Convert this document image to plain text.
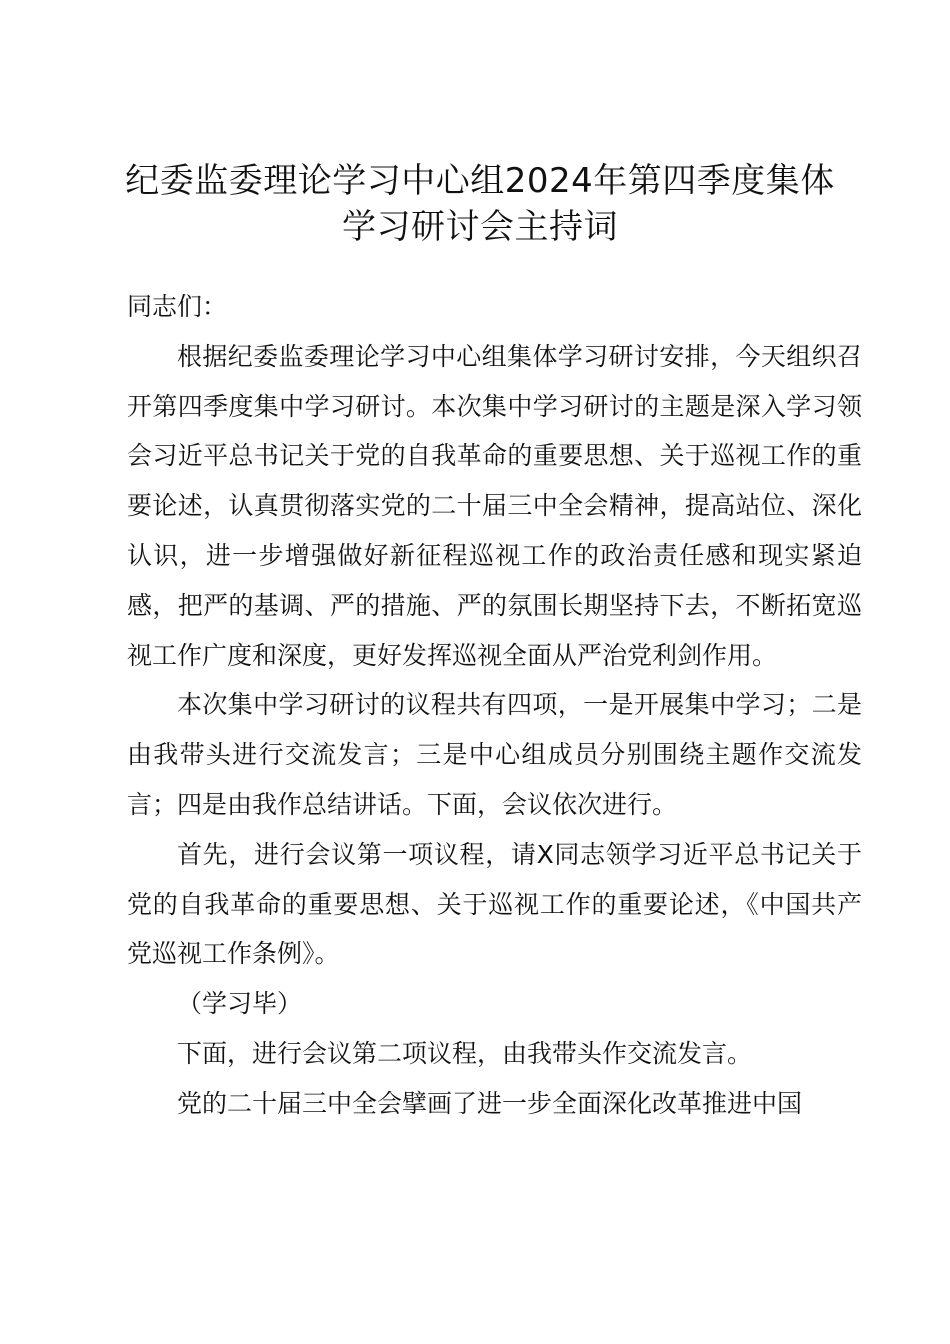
纪委监委理论学习中心组2024年第四季度集体学习研讨会主持词

同志们：

根据纪委监委理论学习中心组集体学习研讨安排，今天组织召开第四季度集中学习研讨。本次集中学习研讨的主题是深入学习领会习近平总书记关于党的自我革命的重要思想、关于巡视工作的重要论述，认真贯彻落实党的二十届三中全会精神，提高站位、深化认识，进一步增强做好新征程巡视工作的政治责任感和现实紧迫感，把严的基调、严的措施、严的氛围长期坚持下去，不断拓宽巡视工作广度和深度，更好发挥巡视全面从严治党利剑作用。

本次集中学习研讨的议程共有四项，一是开展集中学习；二是由我带头进行交流发言；三是中心组成员分别围绕主题作交流发言；四是由我作总结讲话。下面，会议依次进行。

首先，进行会议第一项议程，请X同志领学习近平总书记关于党的自我革命的重要思想、关于巡视工作的重要论述，《中国共产党巡视工作条例》。

（学习毕）

下面，进行会议第二项议程，由我带头作交流发言。

党的二十届三中全会擘画了进一步全面深化改革推进中国
